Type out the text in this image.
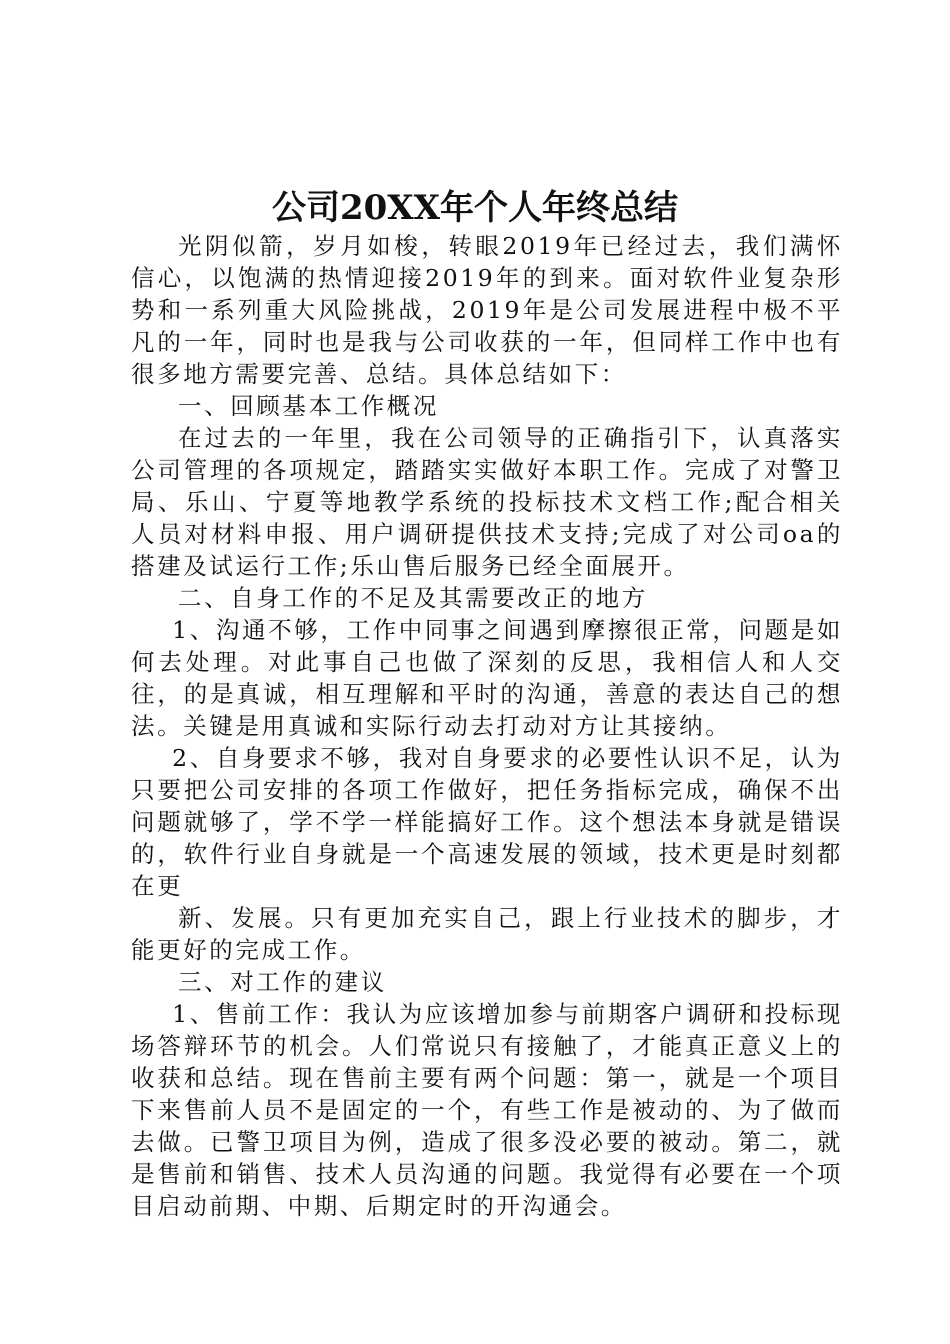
公司20XX年个人年终总结

光阴似箭，岁月如梭，转眼2019年已经过去，我们满怀信心，以饱满的热情迎接2019年的到来。面对软件业复杂形势和一系列重大风险挑战，2019年是公司发展进程中极不平凡的一年，同时也是我与公司收获的一年，但同样工作中也有很多地方需要完善、总结。具体总结如下：

一、回顾基本工作概况

在过去的一年里，我在公司领导的正确指引下，认真落实公司管理的各项规定，踏踏实实做好本职工作。完成了对警卫局、乐山、宁夏等地教学系统的投标技术文档工作;配合相关人员对材料申报、用户调研提供技术支持;完成了对公司oa的搭建及试运行工作;乐山售后服务已经全面展开。

二、自身工作的不足及其需要改正的地方

1、沟通不够，工作中同事之间遇到摩擦很正常，问题是如何去处理。对此事自己也做了深刻的反思，我相信人和人交往，的是真诚，相互理解和平时的沟通，善意的表达自己的想法。关键是用真诚和实际行动去打动对方让其接纳。

2、自身要求不够，我对自身要求的必要性认识不足，认为只要把公司安排的各项工作做好，把任务指标完成，确保不出问题就够了，学不学一样能搞好工作。这个想法本身就是错误的，软件行业自身就是一个高速发展的领域，技术更是时刻都在更

新、发展。只有更加充实自己，跟上行业技术的脚步，才能更好的完成工作。

三、对工作的建议

1、售前工作：我认为应该增加参与前期客户调研和投标现场答辩环节的机会。人们常说只有接触了，才能真正意义上的收获和总结。现在售前主要有两个问题：第一，就是一个项目下来售前人员不是固定的一个，有些工作是被动的、为了做而去做。已警卫项目为例，造成了很多没必要的被动。第二，就是售前和销售、技术人员沟通的问题。我觉得有必要在一个项目启动前期、中期、后期定时的开沟通会。
